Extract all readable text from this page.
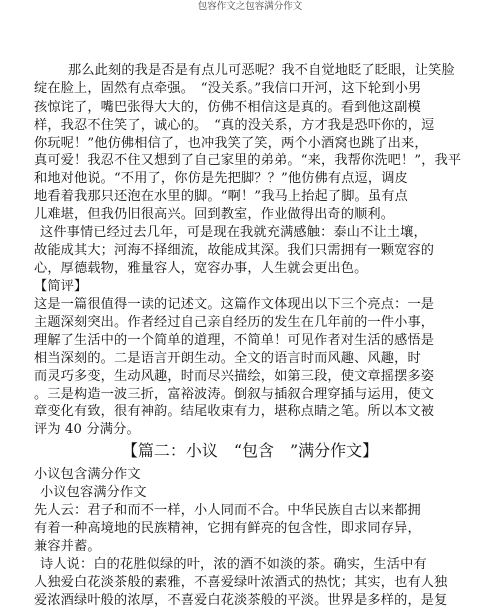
包容作文之包容满分作文
那么此刻的我是否是有点儿可恶呢？我不自觉地眨了眨眼，让笑脸
绽在脸上，固然有点牵强。　“没关系。”我信口开河，这下轮到小男
孩惊诧了，嘴巴张得大大的，仿佛不相信这是真的。看到他这副模
样，我忍不住笑了，诚心的。　“真的没关系，方才我是恐吓你的，逗
你玩呢！”他仿佛相信了，也冲我笑了笑，两个小酒窝也跳了出来，
真可爱！我忍不住又想到了自己家里的弟弟。“来，我帮你洗吧！”，我平
和地对他说。“不用了，你仿是先把脚？？”他仿佛有点逗，调皮
地看着我那只还泡在水里的脚。“啊！”我马上抬起了脚。虽有点
儿难堪，但我仍旧很高兴。回到教室，作业做得出奇的顺利。
这件事情已经过去几年，可是现在我就充满感触：泰山不让土壤，
故能成其大；河海不择细流，故能成其深。我们只需拥有一颗宽容的
心，厚德载物，雅量容人，宽容办事，人生就会更出色。
【简评】
这是一篇很值得一读的记述文。这篇作文体现出以下三个亮点：一是
主题深刻突出。作者经过自己亲自经历的发生在几年前的一件小事，
理解了生活中的一个简单的道理，不简单！可见作者对生活的感悟是
相当深刻的。二是语言开朗生动。全文的语言时而风趣、风趣，时
而灵巧多变，生动风趣，时而尽兴描绘，如第三段，使文章摇摆多姿
。三是构造一波三折，富裕波涛。倒叙与插叙合理穿插与运用，使文
章变化有致，很有神韵。结尾收束有力，堪称点睛之笔。所以本文被
评为 40 分满分。
【篇二：小议　“包含　”满分作文】
小议包含满分作文
小议包容满分作文
先人云：君子和而不一样，小人同而不合。中华民族自古以来都拥
有着一种高境地的民族精神，它拥有鲜亮的包含性，即求同存异，
兼容并蓄。
诗人说：白的花胜似绿的叶，浓的酒不如淡的茶。确实，生活中有
人独爱白花淡茶般的素雅，不喜爱绿叶浓酒式的热忱；其实，也有人独
爱浓酒绿叶般的浓厚，不喜爱白花淡茶般的平淡。世界是多样的，是复
